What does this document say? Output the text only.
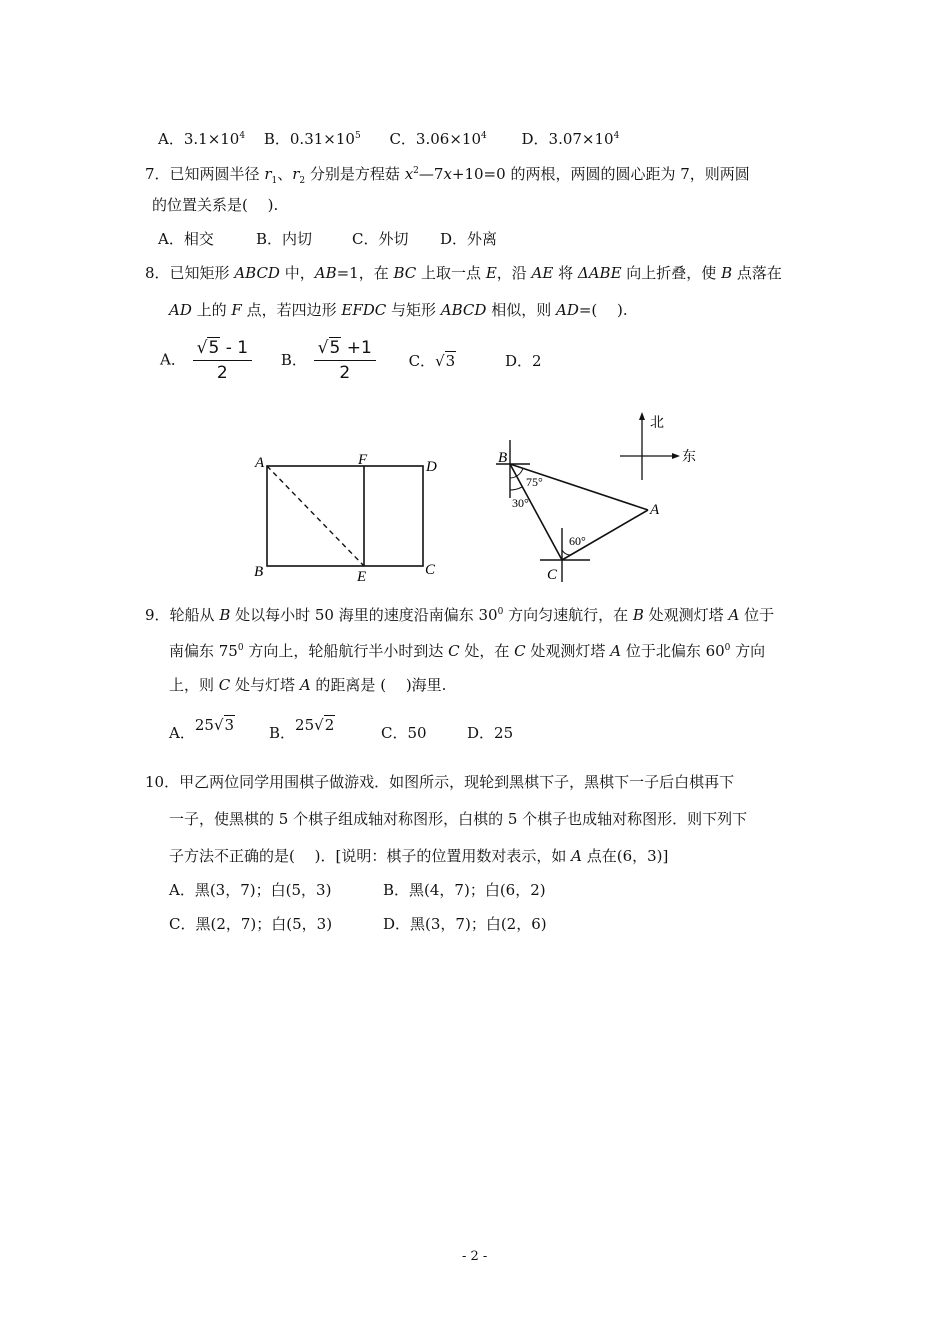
A．$3.1\times 10^4$ B．$0.31\times 10^5$ C．$3.06\times 10^4$ D．$3.07\times 10^4$
7．已知两圆半径 $r_1$、$r_2$ 分别是方程菇 $x^2—7x+10=0$ 的两根，两圆的圆心距为 7，则两圆
的位置关系是(　 ).
A．相交	B．内切	C．外切 D．外离
8．已知矩形 ABCD 中，AB=1，在 BC 上取一点 E，沿 AE 将 ΔABE 向上折叠，使 B 点落在
AD 上的 F 点，若四边形 EFDC 与矩形 ABCD 相似，则 AD=(　 ).
A． $\frac{√5 - 1}{2}$ B． $\frac{√5 +1}{2}$ C．√3	D．2
A	F	D
B	E	C
B
A
C
75°
30°
60°
北
东
9．轮船从 B 处以每小时 50 海里的速度沿南偏东 $30^0$ 方向匀速航行，在 B 处观测灯塔 A 位于
南偏东 $75^0$ 方向上，轮船航行半小时到达 C 处，在 C 处观测灯塔 A 位于北偏东 $60^0$ 方向
上，则 C 处与灯塔 A 的距离是 (　 )海里.
A．25√3 B．25√2	C．50	D．25
10．甲乙两位同学用围棋子做游戏．如图所示，现轮到黑棋下子，黑棋下一子后白棋再下
一子，使黑棋的 5 个棋子组成轴对称图形，白棋的 5 个棋子也成轴对称图形．则下列下
子方法不正确的是(　 )．[说明：棋子的位置用数对表示，如 A 点在(6，3)]
A．黑(3，7)；白(5，3)	B．黑(4，7)；白(6，2)
C．黑(2，7)；白(5，3)	D．黑(3，7)；白(2，6)
- 2 -
